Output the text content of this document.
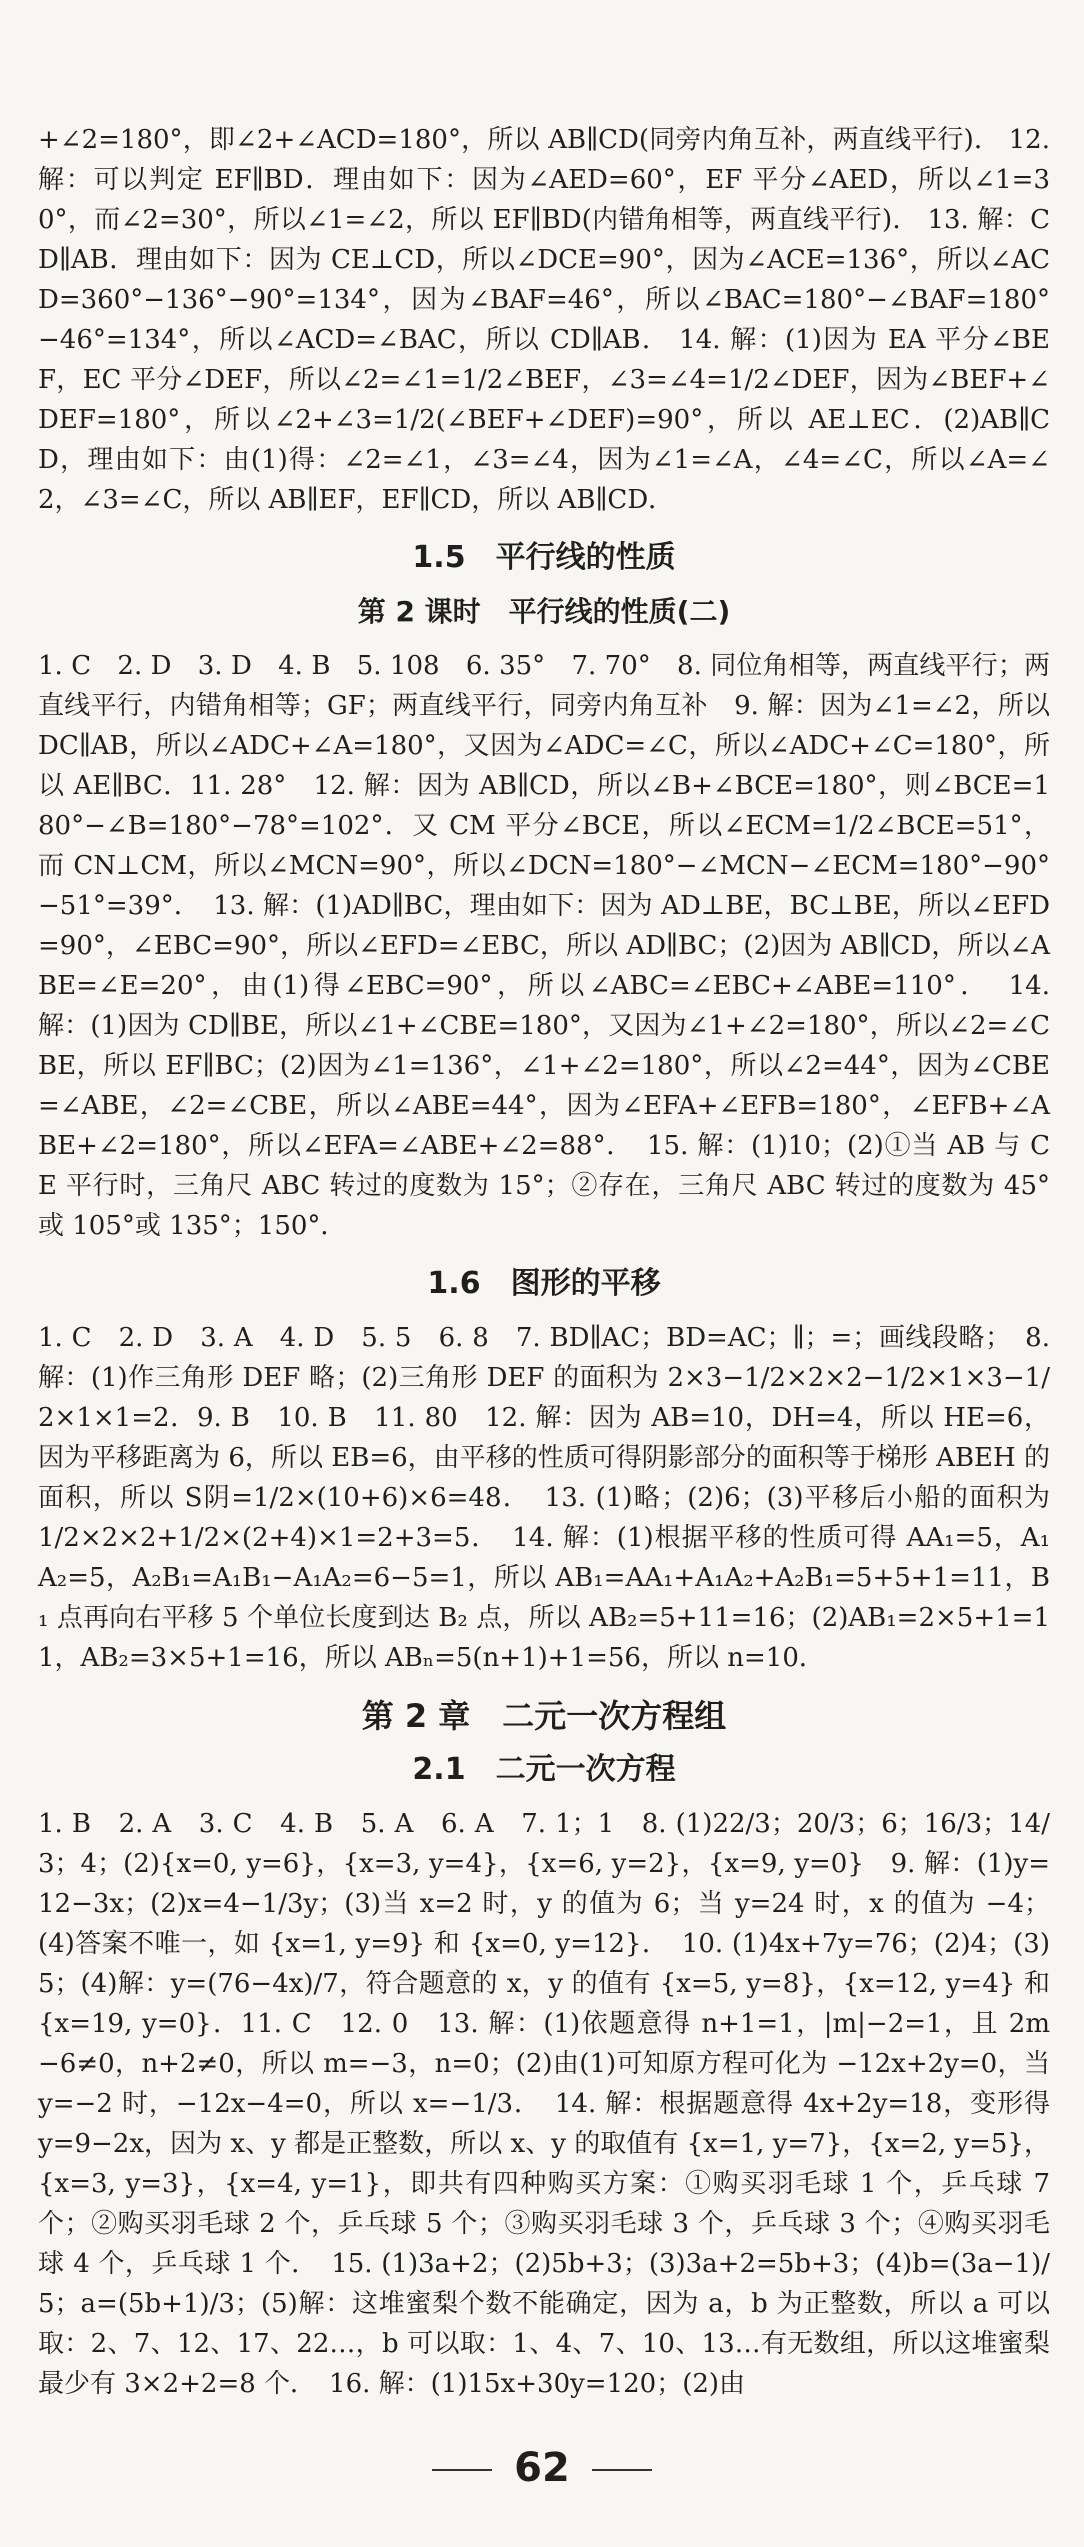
+∠2=180°，即∠2+∠ACD=180°，所以 AB∥CD(同旁内角互补，两直线平行)． 12. 解：可以判定 EF∥BD．理由如下：因为∠AED=60°，EF 平分∠AED，所以∠1=30°，而∠2=30°，所以∠1=∠2，所以 EF∥BD(内错角相等，两直线平行)． 13. 解：CD∥AB．理由如下：因为 CE⊥CD，所以∠DCE=90°，因为∠ACE=136°，所以∠ACD=360°−136°−90°=134°，因为∠BAF=46°，所以∠BAC=180°−∠BAF=180°−46°=134°，所以∠ACD=∠BAC，所以 CD∥AB． 14. 解：(1)因为 EA 平分∠BEF，EC 平分∠DEF，所以∠2=∠1=1/2∠BEF，∠3=∠4=1/2∠DEF，因为∠BEF+∠DEF=180°，所以∠2+∠3=1/2(∠BEF+∠DEF)=90°，所以 AE⊥EC．(2)AB∥CD，理由如下：由(1)得：∠2=∠1，∠3=∠4，因为∠1=∠A，∠4=∠C，所以∠A=∠2，∠3=∠C，所以 AB∥EF，EF∥CD，所以 AB∥CD．

1.5　平行线的性质
第 2 课时　平行线的性质(二)

1. C　2. D　3. D　4. B　5. 108　6. 35°　7. 70°　8. 同位角相等，两直线平行；两直线平行，内错角相等；GF；两直线平行，同旁内角互补　9. 解：因为∠1=∠2，所以 DC∥AB，所以∠ADC+∠A=180°，又因为∠ADC=∠C，所以∠ADC+∠C=180°，所以 AE∥BC．11. 28°　12. 解：因为 AB∥CD，所以∠B+∠BCE=180°，则∠BCE=180°−∠B=180°−78°=102°．又 CM 平分∠BCE，所以∠ECM=1/2∠BCE=51°，而 CN⊥CM，所以∠MCN=90°，所以∠DCN=180°−∠MCN−∠ECM=180°−90°−51°=39°．　13. 解：(1)AD∥BC，理由如下：因为 AD⊥BE，BC⊥BE，所以∠EFD=90°，∠EBC=90°，所以∠EFD=∠EBC，所以 AD∥BC；(2)因为 AB∥CD，所以∠ABE=∠E=20°，由(1)得∠EBC=90°，所以∠ABC=∠EBC+∠ABE=110°．　14. 解：(1)因为 CD∥BE，所以∠1+∠CBE=180°，又因为∠1+∠2=180°，所以∠2=∠CBE，所以 EF∥BC；(2)因为∠1=136°，∠1+∠2=180°，所以∠2=44°，因为∠CBE=∠ABE，∠2=∠CBE，所以∠ABE=44°，因为∠EFA+∠EFB=180°，∠EFB+∠ABE+∠2=180°，所以∠EFA=∠ABE+∠2=88°．　15. 解：(1)10；(2)①当 AB 与 CE 平行时，三角尺 ABC 转过的度数为 15°；②存在，三角尺 ABC 转过的度数为 45°或 105°或 135°；150°．

1.6　图形的平移

1. C　2. D　3. A　4. D　5. 5　6. 8　7. BD∥AC；BD=AC；∥；=；画线段略；　8. 解：(1)作三角形 DEF 略；(2)三角形 DEF 的面积为 2×3−1/2×2×2−1/2×1×3−1/2×1×1=2．9. B　10. B　11. 80　12. 解：因为 AB=10，DH=4，所以 HE=6，因为平移距离为 6，所以 EB=6，由平移的性质可得阴影部分的面积等于梯形 ABEH 的面积，所以 S阴=1/2×(10+6)×6=48．　13. (1)略；(2)6；(3)平移后小船的面积为 1/2×2×2+1/2×(2+4)×1=2+3=5．　14. 解：(1)根据平移的性质可得 AA₁=5，A₁A₂=5，A₂B₁=A₁B₁−A₁A₂=6−5=1，所以 AB₁=AA₁+A₁A₂+A₂B₁=5+5+1=11，B₁ 点再向右平移 5 个单位长度到达 B₂ 点，所以 AB₂=5+11=16；(2)AB₁=2×5+1=11，AB₂=3×5+1=16，所以 ABₙ=5(n+1)+1=56，所以 n=10．

第 2 章　二元一次方程组
2.1　二元一次方程

1. B　2. A　3. C　4. B　5. A　6. A　7. 1；1　8. (1)22/3；20/3；6；16/3；14/3；4；(2){x=0, y=6}，{x=3, y=4}，{x=6, y=2}，{x=9, y=0}　9. 解：(1)y=12−3x；(2)x=4−1/3y；(3)当 x=2 时，y 的值为 6；当 y=24 时，x 的值为 −4；(4)答案不唯一，如 {x=1, y=9} 和 {x=0, y=12}．　10. (1)4x+7y=76；(2)4；(3)5；(4)解：y=(76−4x)/7，符合题意的 x，y 的值有 {x=5, y=8}，{x=12, y=4} 和 {x=19, y=0}．11. C　12. 0　13. 解：(1)依题意得 n+1=1，|m|−2=1，且 2m−6≠0，n+2≠0，所以 m=−3，n=0；(2)由(1)可知原方程可化为 −12x+2y=0，当 y=−2 时，−12x−4=0，所以 x=−1/3．　14. 解：根据题意得 4x+2y=18，变形得 y=9−2x，因为 x、y 都是正整数，所以 x、y 的取值有 {x=1, y=7}，{x=2, y=5}，{x=3, y=3}，{x=4, y=1}，即共有四种购买方案：①购买羽毛球 1 个，乒乓球 7 个；②购买羽毛球 2 个，乒乓球 5 个；③购买羽毛球 3 个，乒乓球 3 个；④购买羽毛球 4 个，乒乓球 1 个．　15. (1)3a+2；(2)5b+3；(3)3a+2=5b+3；(4)b=(3a−1)/5；a=(5b+1)/3；(5)解：这堆蜜梨个数不能确定，因为 a，b 为正整数，所以 a 可以取：2、7、12、17、22…，b 可以取：1、4、7、10、13…有无数组，所以这堆蜜梨最少有 3×2+2=8 个．　16. 解：(1)15x+30y=120；(2)由

62
